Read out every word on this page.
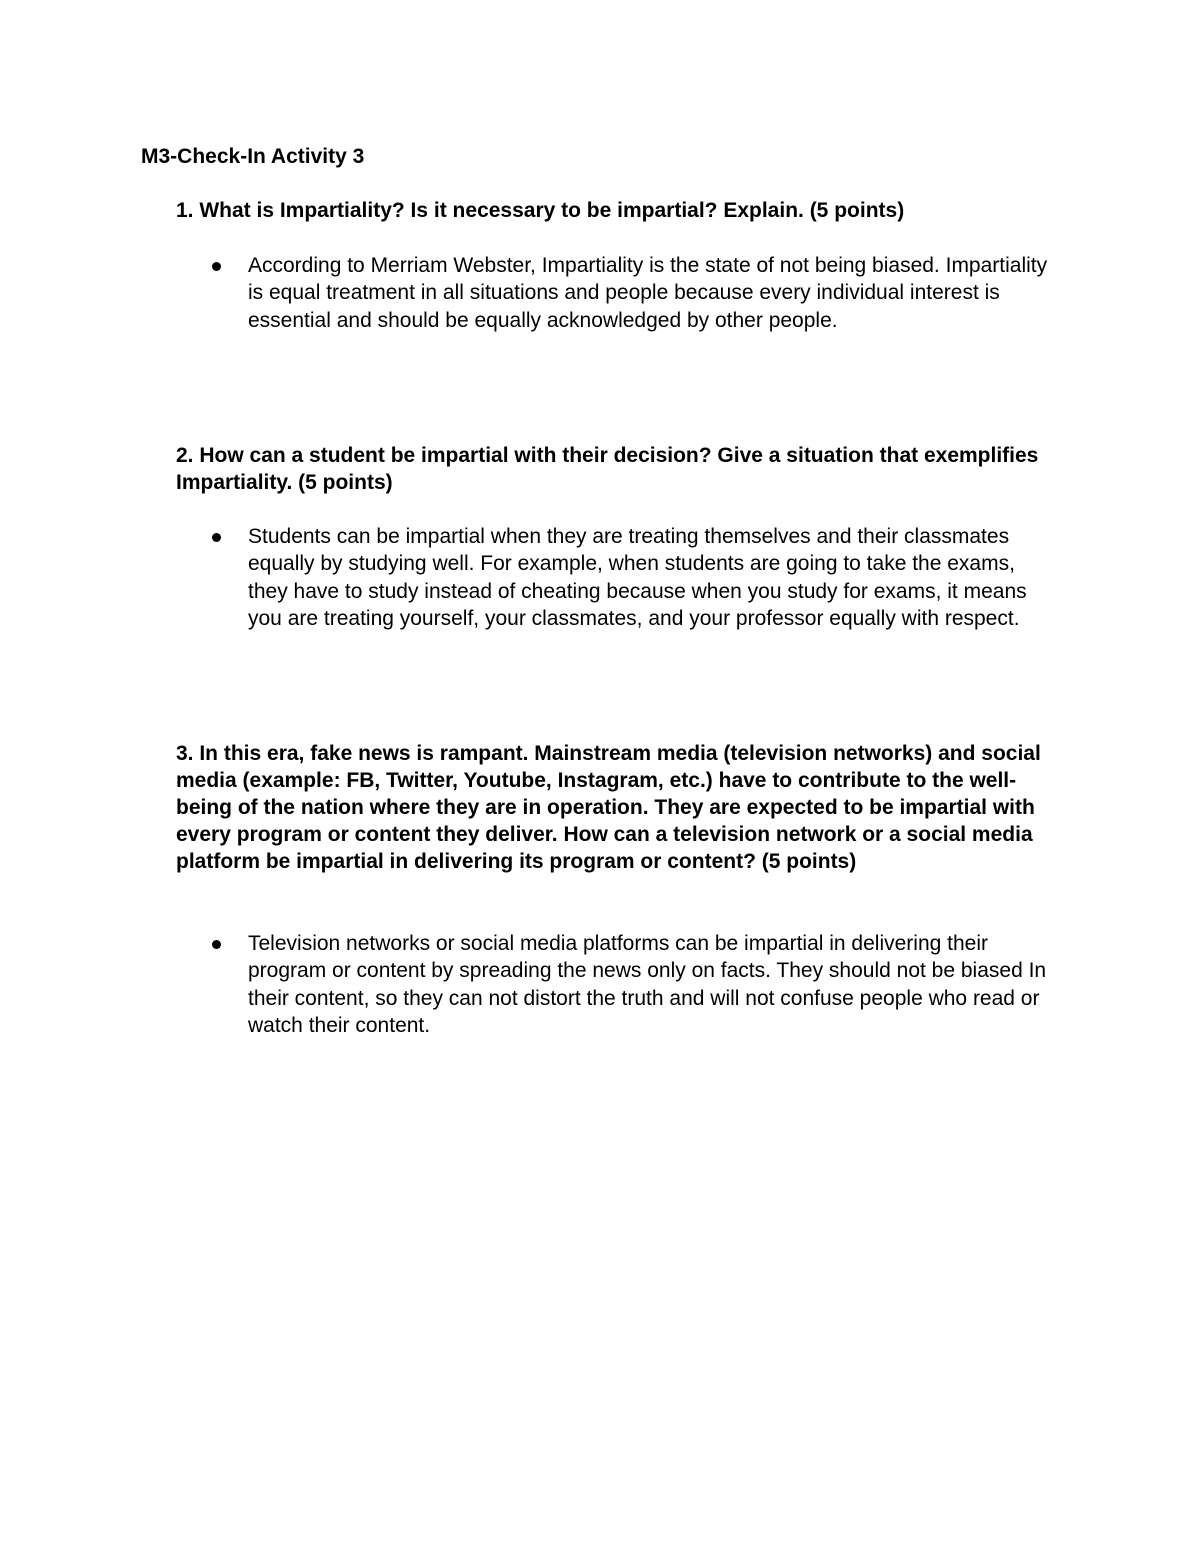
M3-Check-In Activity 3

1. What is Impartiality? Is it necessary to be impartial? Explain. (5 points)

According to Merriam Webster, Impartiality is the state of not being biased. Impartiality is equal treatment in all situations and people because every individual interest is essential and should be equally acknowledged by other people.

2. How can a student be impartial with their decision? Give a situation that exemplifies Impartiality. (5 points)

Students can be impartial when they are treating themselves and their classmates equally by studying well. For example, when students are going to take the exams, they have to study instead of cheating because when you study for exams, it means you are treating yourself, your classmates, and your professor equally with respect.

3. In this era, fake news is rampant. Mainstream media (television networks) and social media (example: FB, Twitter, Youtube, Instagram, etc.) have to contribute to the well-being of the nation where they are in operation. They are expected to be impartial with every program or content they deliver. How can a television network or a social media platform be impartial in delivering its program or content? (5 points)

Television networks or social media platforms can be impartial in delivering their program or content by spreading the news only on facts. They should not be biased In their content, so they can not distort the truth and will not confuse people who read or watch their content.
